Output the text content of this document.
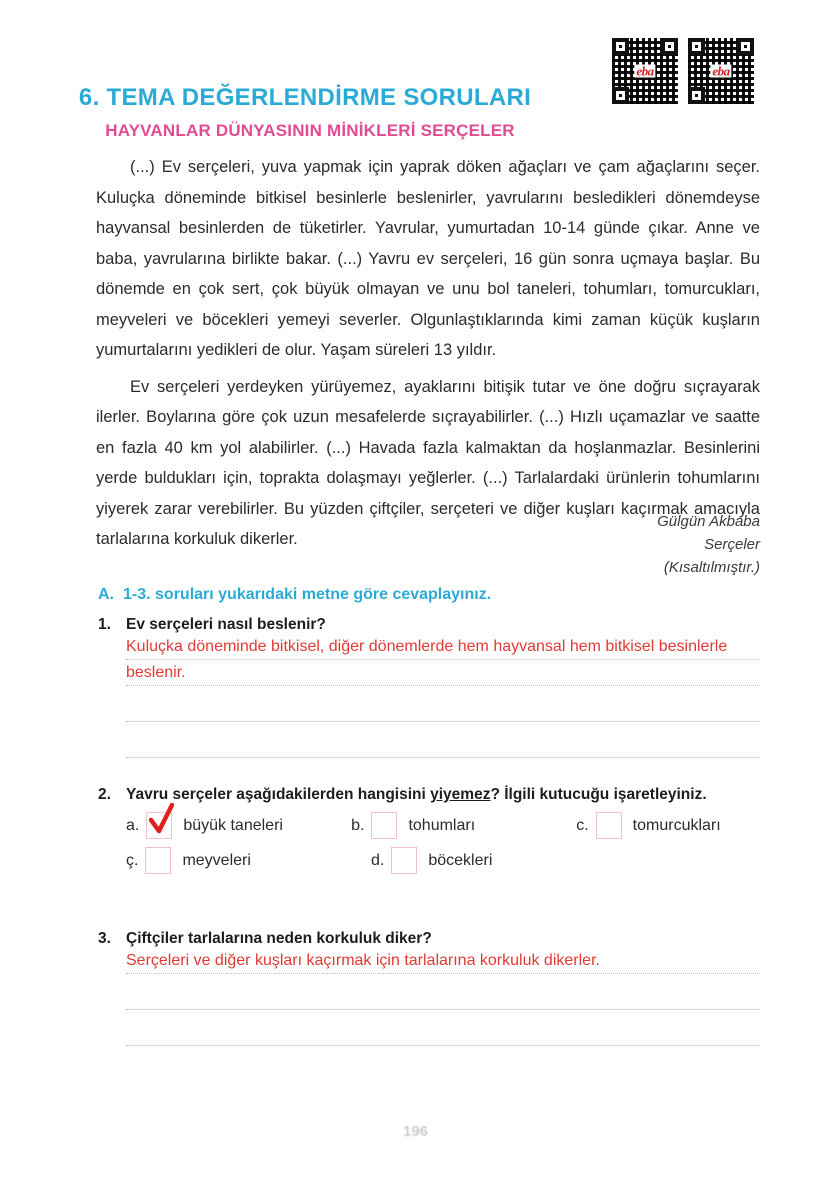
eba	eba
6. TEMA DEĞERLENDİRME SORULARI
HAYVANLAR DÜNYASININ MİNİKLERİ SERÇELER

(...) Ev serçeleri, yuva yapmak için yaprak döken ağaçları ve çam ağaçlarını seçer. Kuluçka döneminde bitkisel besinlerle beslenirler, yavrularını besledikleri dönemdeyse hayvansal besinlerden de tüketirler. Yavrular, yumurtadan 10-14 günde çıkar. Anne ve baba, yavrularına birlikte bakar. (...) Yavru ev serçeleri, 16 gün sonra uçmaya başlar. Bu dönemde en çok sert, çok büyük olmayan ve unu bol taneleri, tohumları, tomurcukları, meyveleri ve böcekleri yemeyi severler. Olgunlaştıklarında kimi zaman küçük kuşların yumurtalarını yedikleri de olur. Yaşam süreleri 13 yıldır.

Ev serçeleri yerdeyken yürüyemez, ayaklarını bitişik tutar ve öne doğru sıçrayarak ilerler. Boylarına göre çok uzun mesafelerde sıçrayabilirler. (...) Hızlı uçamazlar ve saatte en fazla 40 km yol alabilirler. (...) Havada fazla kalmaktan da hoşlanmazlar. Besinlerini yerde buldukları için, toprakta dolaşmayı yeğlerler. (...) Tarlalardaki ürünlerin tohumlarını yiyerek zarar verebilirler. Bu yüzden çiftçiler, serçeteri ve diğer kuşları kaçırmak amacıyla tarlalarına korkuluk dikerler.

Gülgün Akbaba
Serçeler
(Kısaltılmıştır.)
A. 1-3. soruları yukarıdaki metne göre cevaplayınız.
1. Ev serçeleri nasıl beslenir?
Kuluçka döneminde bitkisel, diğer dönemlerde hem hayvansal hem bitkisel besinlerle
beslenir.
2. Yavru serçeler aşağıdakilerden hangisini yiyemez? İlgili kutucuğu işaretleyiniz.
a.	büyük taneleri	b.	tohumları	c.	tomurcukları
ç.	meyveleri	d.	böcekleri
3. Çiftçiler tarlalarına neden korkuluk diker?
Serçeleri ve diğer kuşları kaçırmak için tarlalarına korkuluk dikerler.
196
